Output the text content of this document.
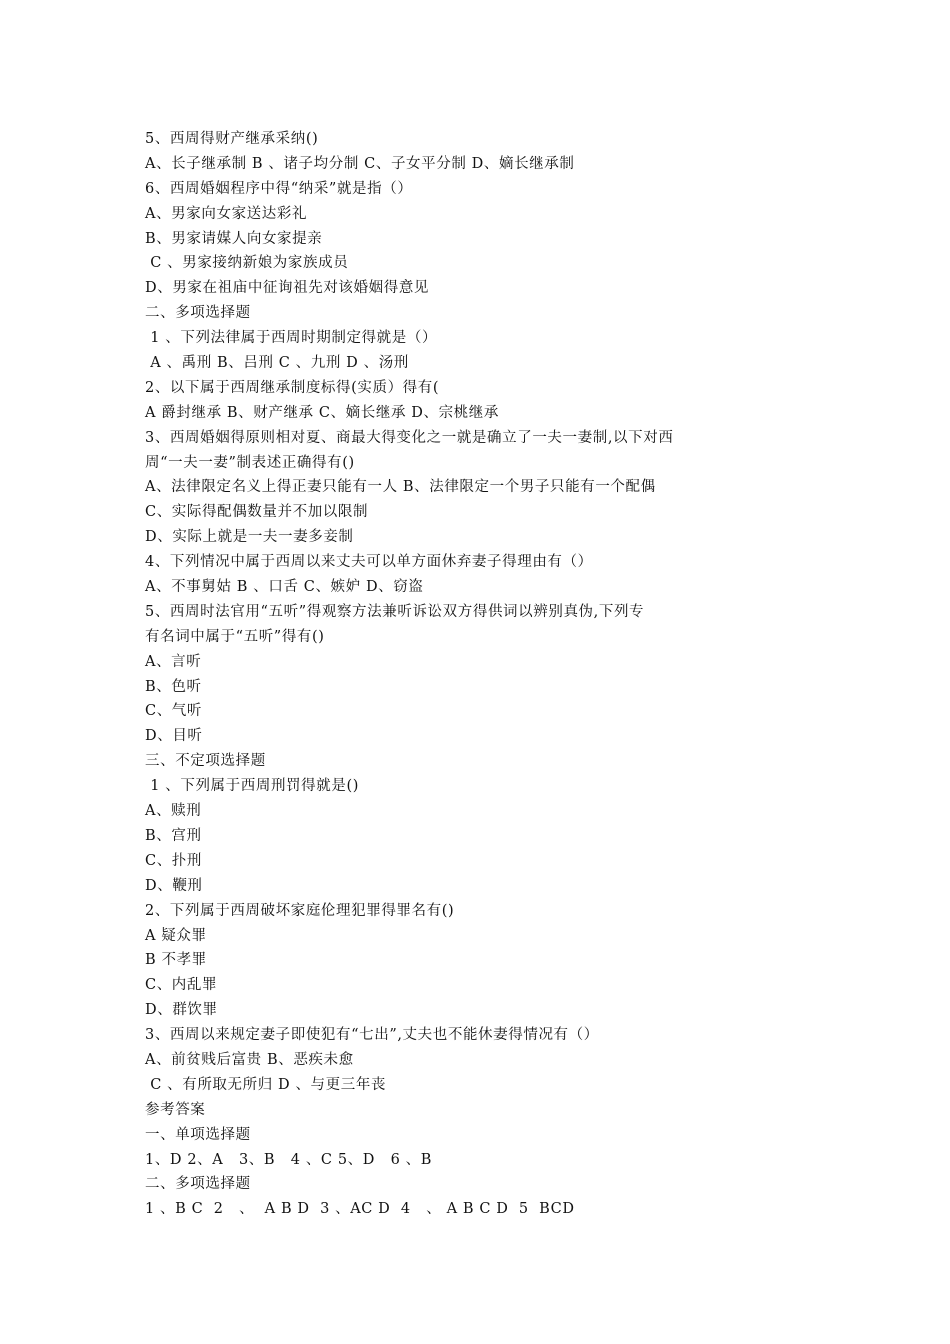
5、西周得财产继承采纳()
A、长子继承制 B 、诸子均分制 C、子女平分制 D、嫡长继承制
6、西周婚姻程序中得“纳采”就是指（）
A、男家向女家送达彩礼
B、男家请媒人向女家提亲
C 、男家接纳新娘为家族成员
D、男家在祖庙中征询祖先对该婚姻得意见
二、多项选择题
1 、下列法律属于西周时期制定得就是（）
A 、禹刑 B、吕刑 C 、九刑 D 、汤刑
2、以下属于西周继承制度标得(实质）得有(
A 爵封继承 B、财产继承 C、嫡长继承 D、宗桃继承
3、西周婚姻得原则相对夏、商最大得变化之一就是确立了一夫一妻制,以下对西
周“一夫一妻”制表述正确得有()
A、法律限定名义上得正妻只能有一人 B、法律限定一个男子只能有一个配偶
C、实际得配偶数量并不加以限制
D、实际上就是一夫一妻多妾制
4、下列情况中属于西周以来丈夫可以单方面休弃妻子得理由有（）
A、不事舅姑 B 、口舌 C、嫉妒 D、窃盗
5、西周时法官用“五听”得观察方法兼听诉讼双方得供词以辨别真伪,下列专
有名词中属于“五听”得有()
A、言听
B、色听
C、气听
D、目听
三、不定项选择题
1 、下列属于西周刑罚得就是()
A、赎刑
B、宫刑
C、扑刑
D、鞭刑
2、下列属于西周破坏家庭伦理犯罪得罪名有()
A 疑众罪
B 不孝罪
C、内乱罪
D、群饮罪
3、西周以来规定妻子即使犯有“七出”,丈夫也不能休妻得情况有（）
A、前贫贱后富贵 B、恶疾未愈
C 、有所取无所归 D 、与更三年丧
参考答案
一、单项选择题
1、D 2、A   3、B   4 、C 5、D   6 、B
二、多项选择题
1 、B C  2   、  A B D  3 、AC D  4   、 A B C D  5  BCD
